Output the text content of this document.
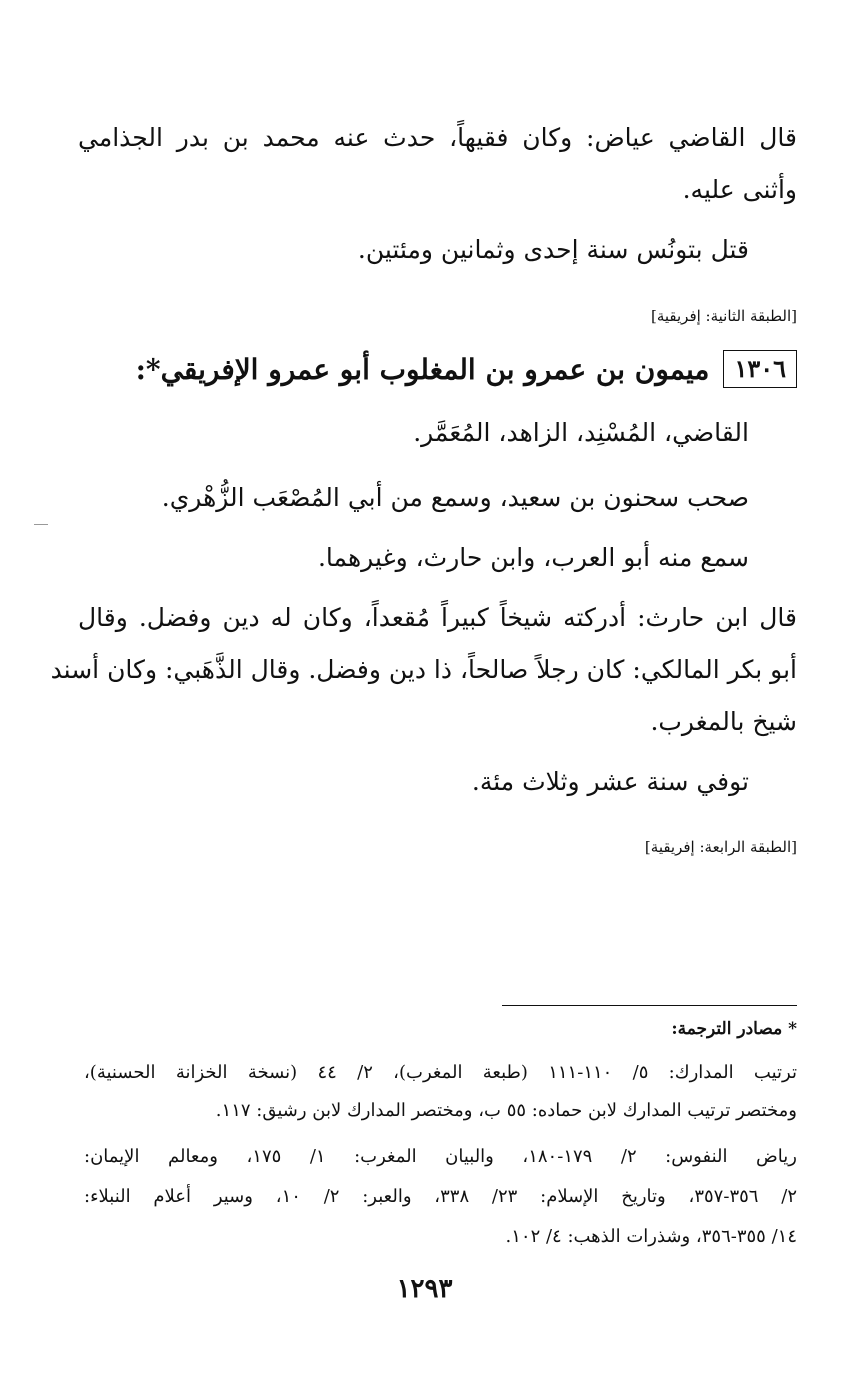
قال القاضي عياض: وكان فقيهاً، حدث عنه محمد بن بدر الجذامي
وأثنى عليه.
قتل بتونُس سنة إحدى وثمانين ومئتين.
[الطبقة الثانية: إفريقية]
١٣٠٦
ميمون بن عمرو بن المغلوب أبو عمرو الإفريقي*:
القاضي، المُسْنِد، الزاهد، المُعَمَّر.
صحب سحنون بن سعيد، وسمع من أبي المُصْعَب الزُّهْري.
سمع منه أبو العرب، وابن حارث، وغيرهما.
قال ابن حارث: أدركته شيخاً كبيراً مُقعداً، وكان له دين وفضل. وقال
أبو بكر المالكي: كان رجلاً صالحاً، ذا دين وفضل. وقال الذَّهَبي: وكان أسند
شيخ بالمغرب.
توفي سنة عشر وثلاث مئة.
[الطبقة الرابعة: إفريقية]
* مصادر الترجمة:
ترتيب المدارك: ٥/ ١١٠-١١١ (طبعة المغرب)، ٢/ ٤٤ (نسخة الخزانة الحسنية)،
ومختصر ترتيب المدارك لابن حماده: ٥٥ ب، ومختصر المدارك لابن رشيق: ١١٧.
رياض النفوس: ٢/ ١٧٩-١٨٠، والبيان المغرب: ١/ ١٧٥، ومعالم الإيمان:
٢/ ٣٥٦-٣٥٧، وتاريخ الإسلام: ٢٣/ ٣٣٨، والعبر: ٢/ ١٠، وسير أعلام النبلاء:
١٤/ ٣٥٥-٣٥٦، وشذرات الذهب: ٤/ ١٠٢.
١٢٩٣
